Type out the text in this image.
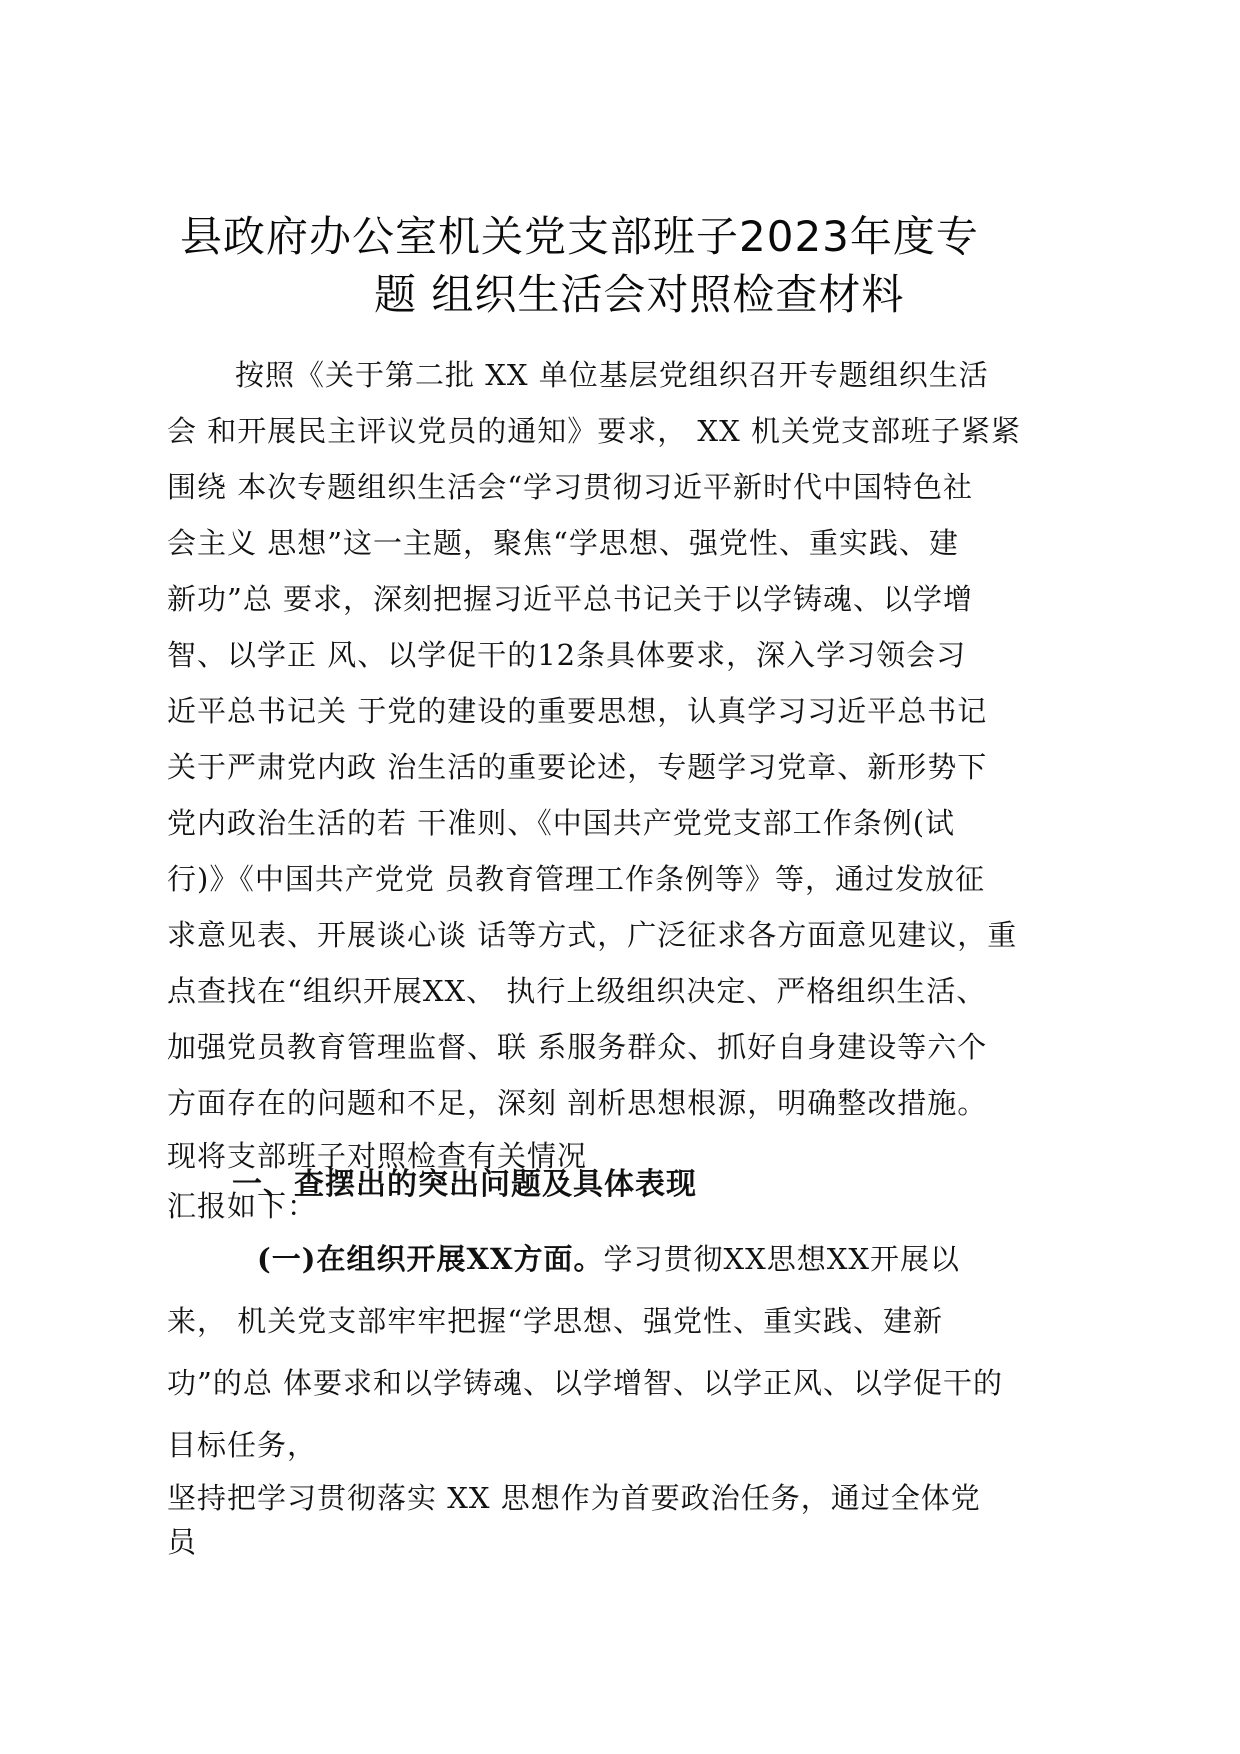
县政府办公室机关党支部班子2023年度专
题 组织生活会对照检查材料
按照《关于第二批 XX 单位基层党组织召开专题组织生活
会 和开展民主评议党员的通知》要求， XX 机关党支部班子紧紧
围绕 本次专题组织生活会“学习贯彻习近平新时代中国特色社
会主义 思想”这一主题，聚焦“学思想、强党性、重实践、建
新功”总 要求，深刻把握习近平总书记关于以学铸魂、以学增
智、以学正 风、以学促干的12条具体要求，深入学习领会习
近平总书记关 于党的建设的重要思想，认真学习习近平总书记
关于严肃党内政 治生活的重要论述，专题学习党章、新形势下
党内政治生活的若 干准则、《中国共产党党支部工作条例(试
行)》《中国共产党党 员教育管理工作条例等》等，通过发放征
求意见表、开展谈心谈 话等方式，广泛征求各方面意见建议，重
点查找在“组织开展XX、 执行上级组织决定、严格组织生活、
加强党员教育管理监督、联 系服务群众、抓好自身建设等六个
方面存在的问题和不足，深刻 剖析思想根源，明确整改措施。
现将支部班子对照检查有关情况
汇报如下：
一、查摆出的突出问题及具体表现
(一)在组织开展XX方面。学习贯彻XX思想XX开展以
来， 机关党支部牢牢把握“学思想、强党性、重实践、建新
功”的总 体要求和以学铸魂、以学增智、以学正风、以学促干的
目标任务，
坚持把学习贯彻落实 XX 思想作为首要政治任务，通过全体党
员
